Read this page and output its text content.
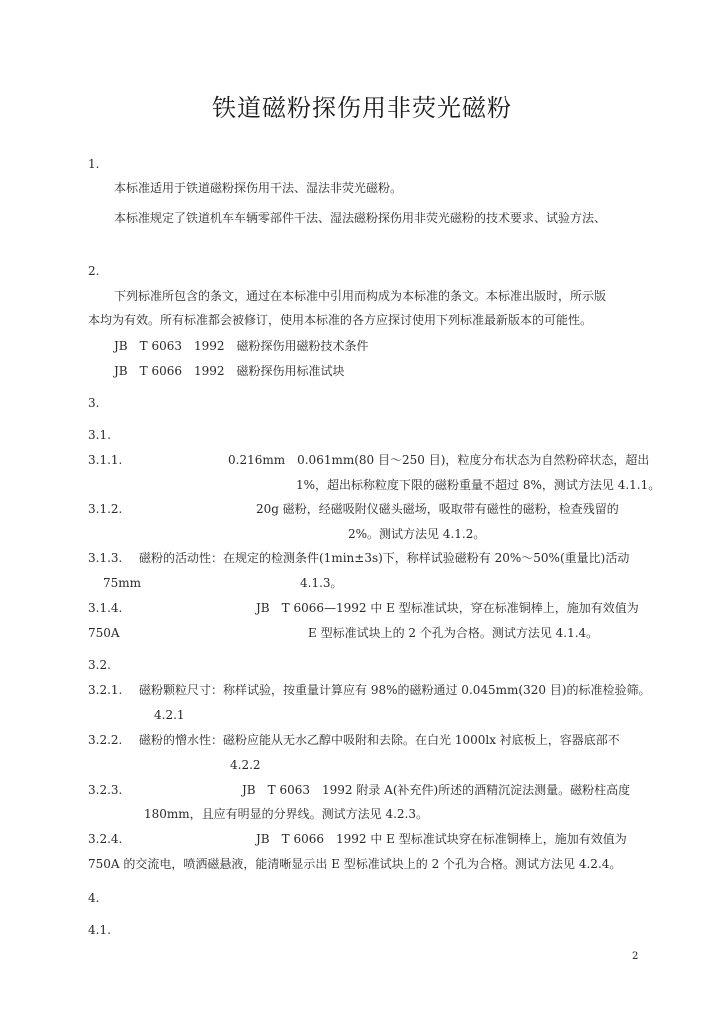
铁道磁粉探伤用非荧光磁粉
1.
本标准适用于铁道磁粉探伤用干法、湿法非荧光磁粉。
本标准规定了铁道机车车辆零部件干法、湿法磁粉探伤用非荧光磁粉的技术要求、试验方法、
2.
下列标准所包含的条文，通过在本标准中引用而构成为本标准的条文。本标准出版时，所示版
本均为有效。所有标准都会被修订，使用本标准的各方应探讨使用下列标准最新版本的可能性。
JB　T 6063　1992　磁粉探伤用磁粉技术条件
JB　T 6066　1992　磁粉探伤用标准试块
3.
3.1.
3.1.1.	0.216mm　0.061mm(80 目～250 目)，粒度分布状态为自然粉碎状态，超出
1%，超出标称粒度下限的磁粉重量不超过 8%，测试方法见 4.1.1。
3.1.2.	20g 磁粉，经磁吸附仪磁头磁场，吸取带有磁性的磁粉，检查残留的
2%。测试方法见 4.1.2。
3.1.3. 磁粉的活动性：在规定的检测条件(1min±3s)下，称样试验磁粉有 20%～50%(重量比)活动
75mm	4.1.3。
3.1.4.	JB　T 6066—1992 中 E 型标准试块，穿在标准铜棒上，施加有效值为
750A	E 型标准试块上的 2 个孔为合格。测试方法见 4.1.4。
3.2.
3.2.1. 磁粉颗粒尺寸：称样试验，按重量计算应有 98%的磁粉通过 0.045mm(320 目)的标准检验筛。
4.2.1
3.2.2. 磁粉的憎水性：磁粉应能从无水乙醇中吸附和去除。在白光 1000lx 衬底板上，容器底部不
4.2.2
3.2.3.	JB　T 6063　1992 附录 A(补充件)所述的酒精沉淀法测量。磁粉柱高度
180mm，且应有明显的分界线。测试方法见 4.2.3。
3.2.4.	JB　T 6066　1992 中 E 型标准试块穿在标准铜棒上，施加有效值为
750A 的交流电，喷洒磁悬液，能清晰显示出 E 型标准试块上的 2 个孔为合格。测试方法见 4.2.4。
4.
4.1.
2
